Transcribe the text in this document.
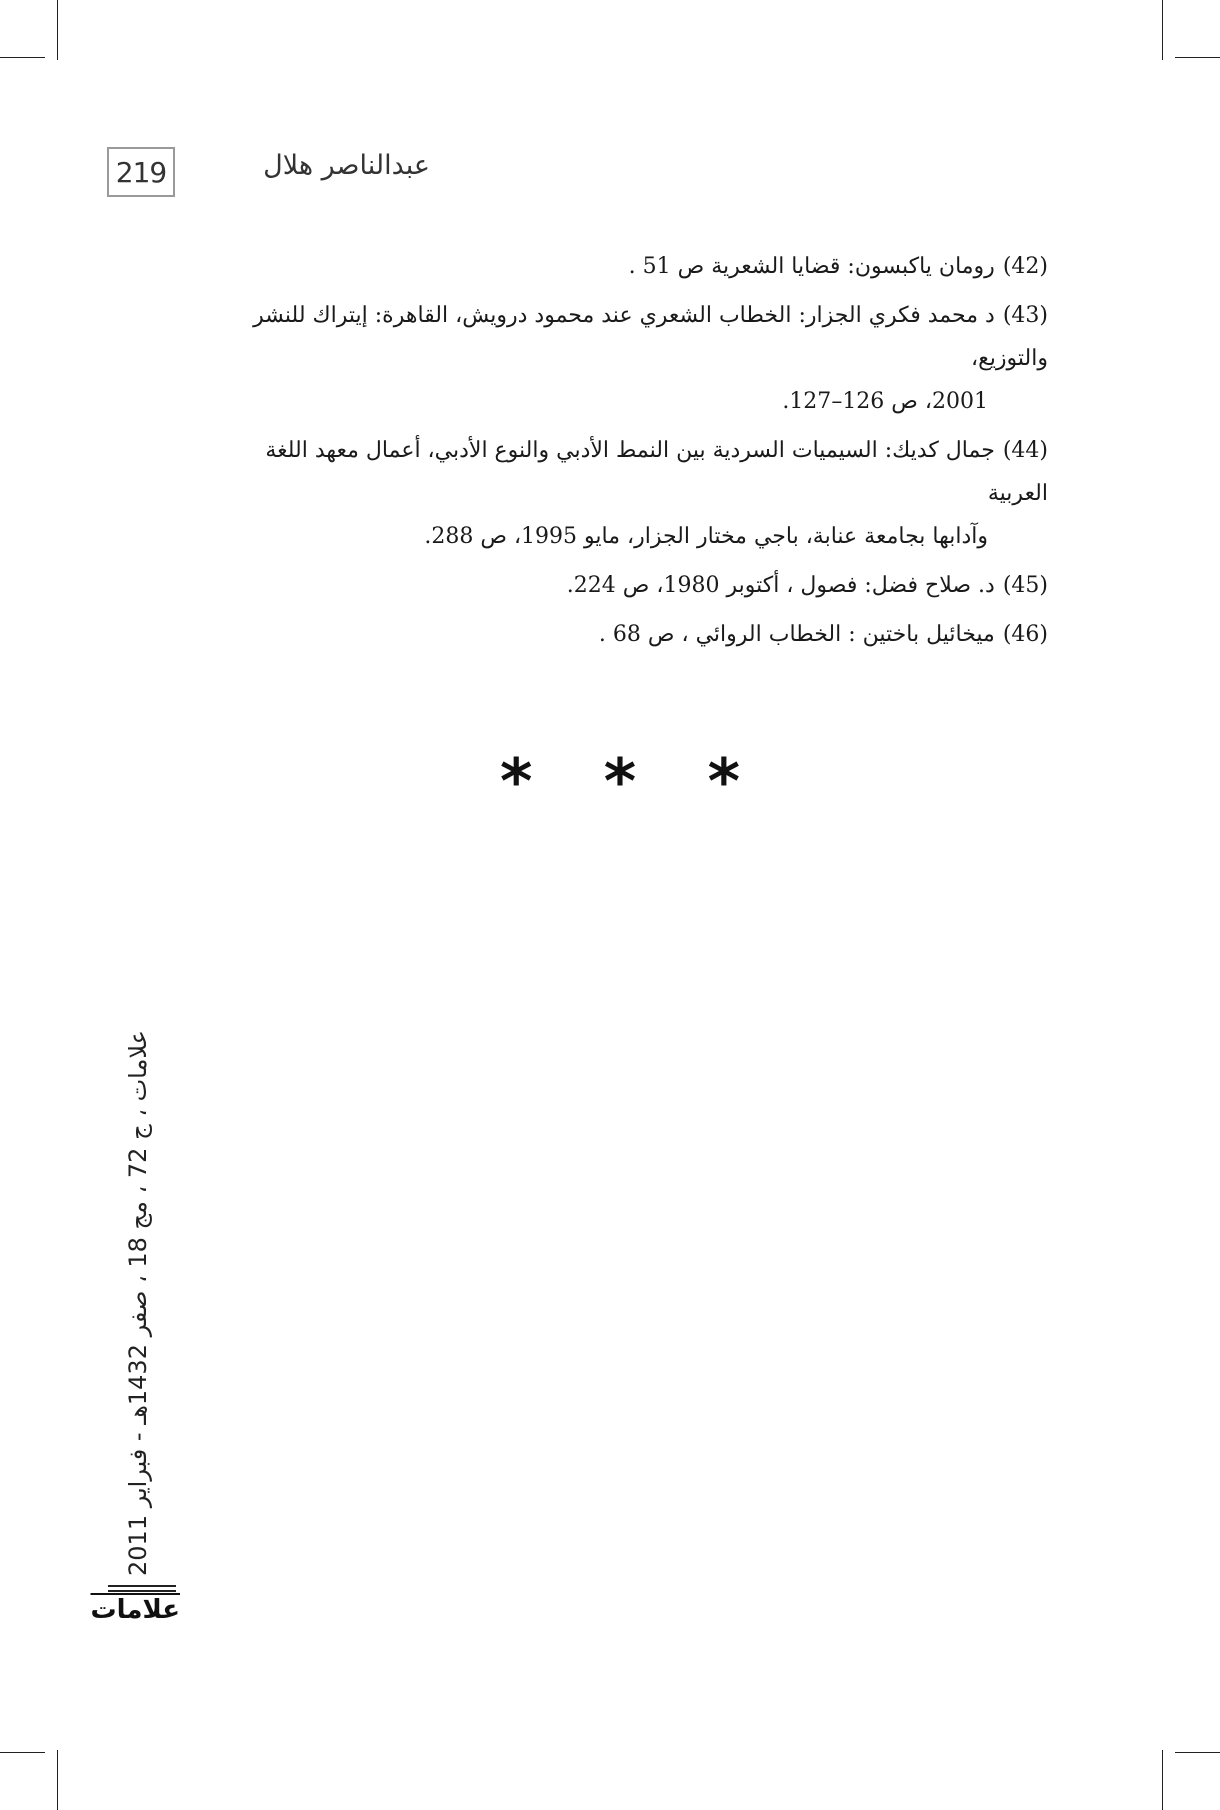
219	عبدالناصر هلال
(42)روما‌ن ياكبسون: قضايا الشعرية ص 51 .
(43)د محمد فكري الجزار: الخطاب الشعري عند محمود درويش، القاهرة: إيتراك للنشر والتوزيع،
2001، ص 126–127.
(44)جمال كديك: السيميات السردية بين النمط الأدبي والنوع الأدبي، أعمال معهد اللغة العربية
وآدابها بجامعة عنابة، باجي مختار الجزار، مايو 1995، ص 288.
(45)د. صلاح فضل: فصول ، أكتوبر 1980، ص 224.
(46)ميخائيل باختين : الخطاب الروائي ، ص 68 .
* * *
علامات ، ج 72 ، مج 18 ، صفر 1432هـ - فبراير 2011
علامات
